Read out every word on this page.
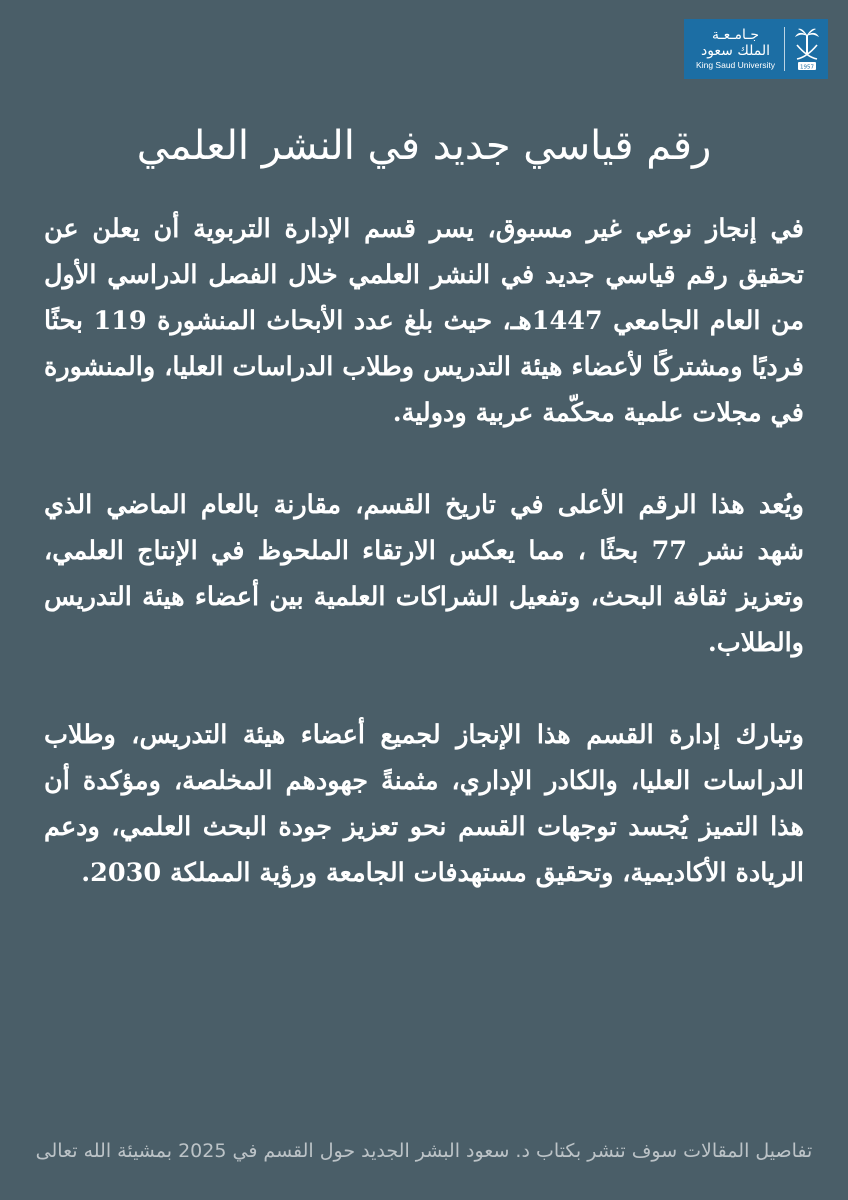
جـامـعـة
الملك سعود
King Saud University	1957
رقم قياسي جديد في النشر العلمي

في إنجاز نوعي غير مسبوق، يسر قسم الإدارة التربوية أن يعلن عن تحقيق رقم قياسي جديد في النشر العلمي خلال الفصل الدراسي الأول من العام الجامعي 1447هـ، حيث بلغ عدد الأبحاث المنشورة 119 بحثًا فرديًا ومشتركًا لأعضاء هيئة التدريس وطلاب الدراسات العليا، والمنشورة في مجلات علمية محكّمة عربية ودولية.

ويُعد هذا الرقم الأعلى في تاريخ القسم، مقارنة بالعام الماضي الذي شهد نشر 77 بحثًا ، مما يعكس الارتقاء الملحوظ في الإنتاج العلمي، وتعزيز ثقافة البحث، وتفعيل الشراكات العلمية بين أعضاء هيئة التدريس والطلاب.

وتبارك إدارة القسم هذا الإنجاز لجميع أعضاء هيئة التدريس، وطلاب الدراسات العليا، والكادر الإداري، مثمنةً جهودهم المخلصة، ومؤكدة أن هذا التميز يُجسد توجهات القسم نحو تعزيز جودة البحث العلمي، ودعم الريادة الأكاديمية، وتحقيق مستهدفات الجامعة ورؤية المملكة 2030.

تفاصيل المقالات سوف تنشر بكتاب د. سعود البشر الجديد حول القسم في 2025 بمشيئة الله تعالى
